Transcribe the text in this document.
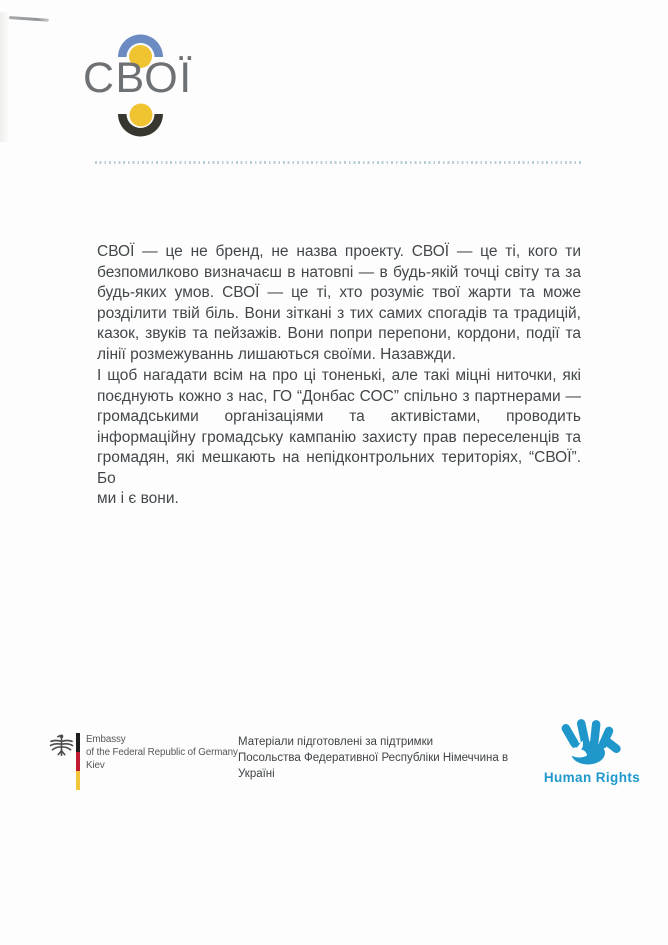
СВОЇ
СВОЇ — це не бренд, не назва проекту. СВОЇ — це ті, кого ти
безпомилково визначаєш в натовпі — в будь-якій точці світу та за
будь-яких умов. СВОЇ — це ті, хто розуміє твої жарти та може
розділити твій біль. Вони зіткані з тих самих спогадів та традицій,
казок, звуків та пейзажів. Вони попри перепони, кордони, події та
лінії розмежуваннь лишаються своїми. Назавжди.
І щоб нагадати всім на про ці тоненькі, але такі міцні ниточки, які
поєднують кожно з нас, ГО “Донбас СОС” спільно з партнерами —
громадськими організаціями та активістами, проводить
інформаційну громадську кампанію захисту прав переселенців та
громадян, які мешкають на непідконтрольних територіях, “СВОЇ”. Бо
ми і є вони.
Embassy
of the Federal Republic of Germany
Kiev
Матеріали підготовлені за підтримки
Посольства Федеративної Республіки Німеччина в Україні	Human Rights
